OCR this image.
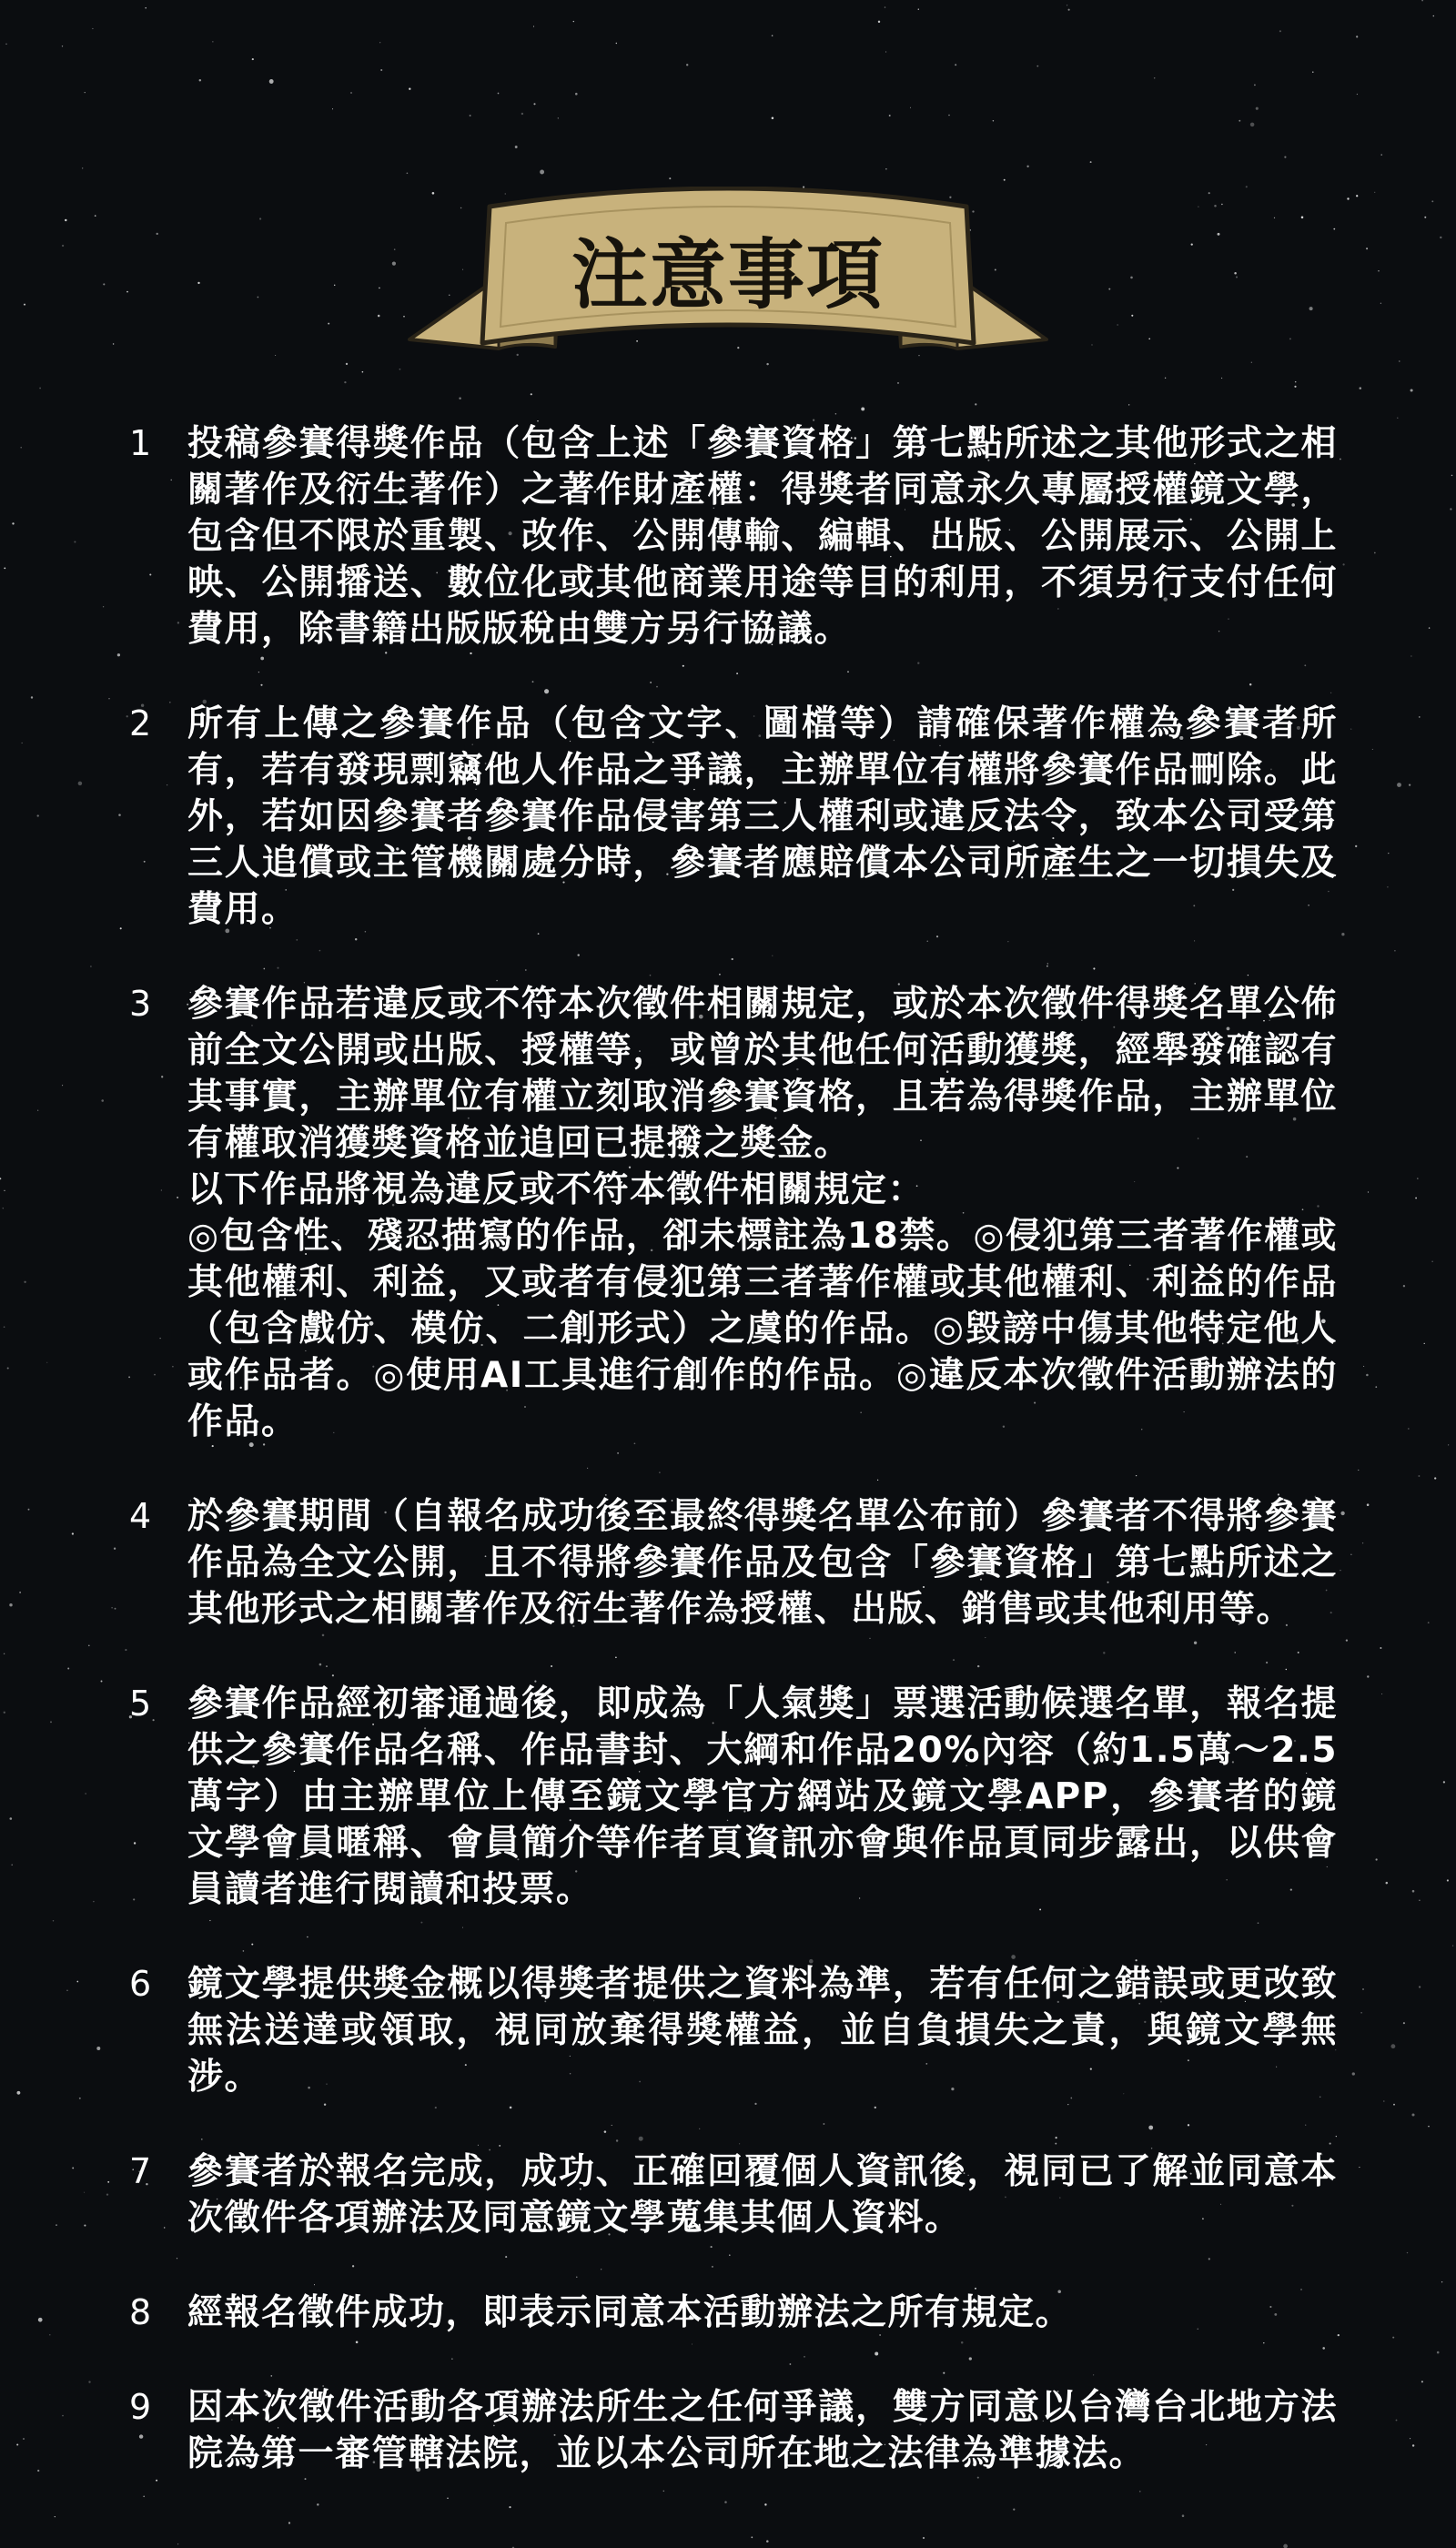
注意事項
1	投稿參賽得獎作品（包含上述「參賽資格」第七點所述之其他形式之相關著作及衍生著作）之著作財產權：得獎者同意永久專屬授權鏡文學，包含但不限於重製、改作、公開傳輸、編輯、出版、公開展示、公開上映、公開播送、數位化或其他商業用途等目的利用，不須另行支付任何費用，除書籍出版版稅由雙方另行協議。

2	所有上傳之參賽作品（包含文字、圖檔等）請確保著作權為參賽者所有，若有發現剽竊他人作品之爭議，主辦單位有權將參賽作品刪除。此外，若如因參賽者參賽作品侵害第三人權利或違反法令，致本公司受第三人追償或主管機關處分時，參賽者應賠償本公司所產生之一切損失及費用。

3	參賽作品若違反或不符本次徵件相關規定，或於本次徵件得獎名單公佈前全文公開或出版、授權等，或曾於其他任何活動獲獎，經舉發確認有其事實，主辦單位有權立刻取消參賽資格，且若為得獎作品，主辦單位有權取消獲獎資格並追回已提撥之獎金。

以下作品將視為違反或不符本徵件相關規定：

◎包含性、殘忍描寫的作品，卻未標註為18禁。◎侵犯第三者著作權或其他權利、利益，又或者有侵犯第三者著作權或其他權利、利益的作品（包含戲仿、模仿、二創形式）之虞的作品。◎毀謗中傷其他特定他人或作品者。◎使用AI工具進行創作的作品。◎違反本次徵件活動辦法的作品。

4	於參賽期間（自報名成功後至最終得獎名單公布前）參賽者不得將參賽作品為全文公開，且不得將參賽作品及包含「參賽資格」第七點所述之其他形式之相關著作及衍生著作為授權、出版、銷售或其他利用等。

5	參賽作品經初審通過後，即成為「人氣獎」票選活動候選名單，報名提供之參賽作品名稱、作品書封、大綱和作品20%內容（約1.5萬～2.5萬字）由主辦單位上傳至鏡文學官方網站及鏡文學APP，參賽者的鏡文學會員暱稱、會員簡介等作者頁資訊亦會與作品頁同步露出，以供會員讀者進行閱讀和投票。

6	鏡文學提供獎金概以得獎者提供之資料為準，若有任何之錯誤或更改致無法送達或領取，視同放棄得獎權益，並自負損失之責，與鏡文學無涉。

7	參賽者於報名完成，成功、正確回覆個人資訊後，視同已了解並同意本次徵件各項辦法及同意鏡文學蒐集其個人資料。

8	經報名徵件成功，即表示同意本活動辦法之所有規定。

9	因本次徵件活動各項辦法所生之任何爭議，雙方同意以台灣台北地方法院為第一審管轄法院，並以本公司所在地之法律為準據法。
